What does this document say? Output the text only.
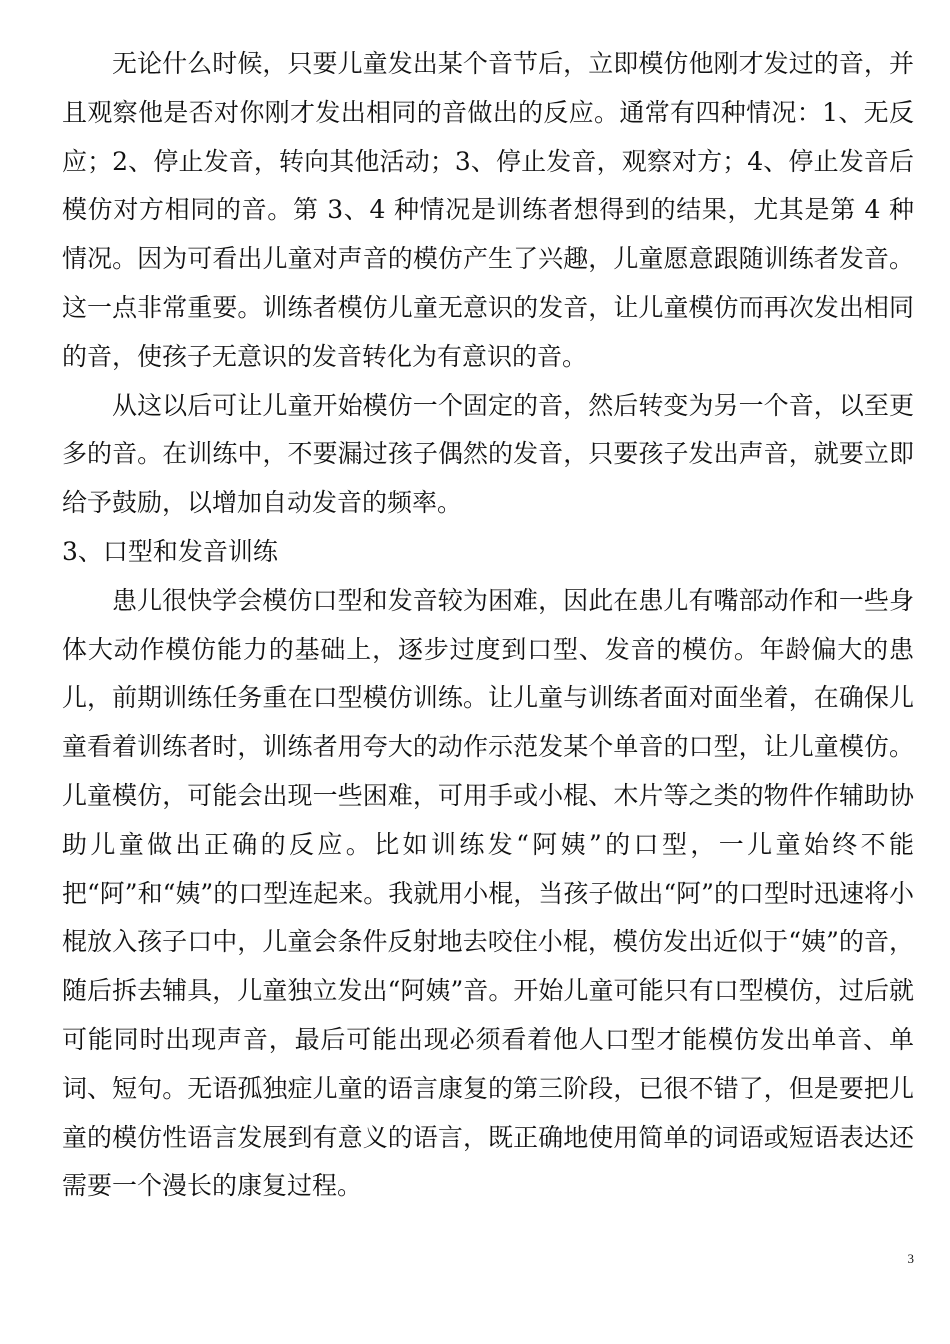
无论什么时候，只要儿童发出某个音节后，立即模仿他刚才发过的音，并且观察他是否对你刚才发出相同的音做出的反应。通常有四种情况：1、无反应；2、停止发音，转向其他活动；3、停止发音，观察对方；4、停止发音后模仿对方相同的音。第 3、4 种情况是训练者想得到的结果，尤其是第 4 种情况。因为可看出儿童对声音的模仿产生了兴趣，儿童愿意跟随训练者发音。这一点非常重要。训练者模仿儿童无意识的发音，让儿童模仿而再次发出相同的音，使孩子无意识的发音转化为有意识的音。

从这以后可让儿童开始模仿一个固定的音，然后转变为另一个音，以至更多的音。在训练中，不要漏过孩子偶然的发音，只要孩子发出声音，就要立即给予鼓励，以增加自动发音的频率。

3、口型和发音训练

患儿很快学会模仿口型和发音较为困难，因此在患儿有嘴部动作和一些身体大动作模仿能力的基础上，逐步过度到口型、发音的模仿。年龄偏大的患儿，前期训练任务重在口型模仿训练。让儿童与训练者面对面坐着，在确保儿童看着训练者时，训练者用夸大的动作示范发某个单音的口型，让儿童模仿。儿童模仿，可能会出现一些困难，可用手或小棍、木片等之类的物件作辅助协助儿童做出正确的反应。比如训练发“阿姨”的口型，一儿童始终不能把“阿”和“姨”的口型连起来。我就用小棍，当孩子做出“阿”的口型时迅速将小棍放入孩子口中，儿童会条件反射地去咬住小棍，模仿发出近似于“姨”的音，随后拆去辅具，儿童独立发出“阿姨”音。开始儿童可能只有口型模仿，过后就可能同时出现声音，最后可能出现必须看着他人口型才能模仿发出单音、单词、短句。无语孤独症儿童的语言康复的第三阶段，已很不错了，但是要把儿童的模仿性语言发展到有意义的语言，既正确地使用简单的词语或短语表达还需要一个漫长的康复过程。

3
